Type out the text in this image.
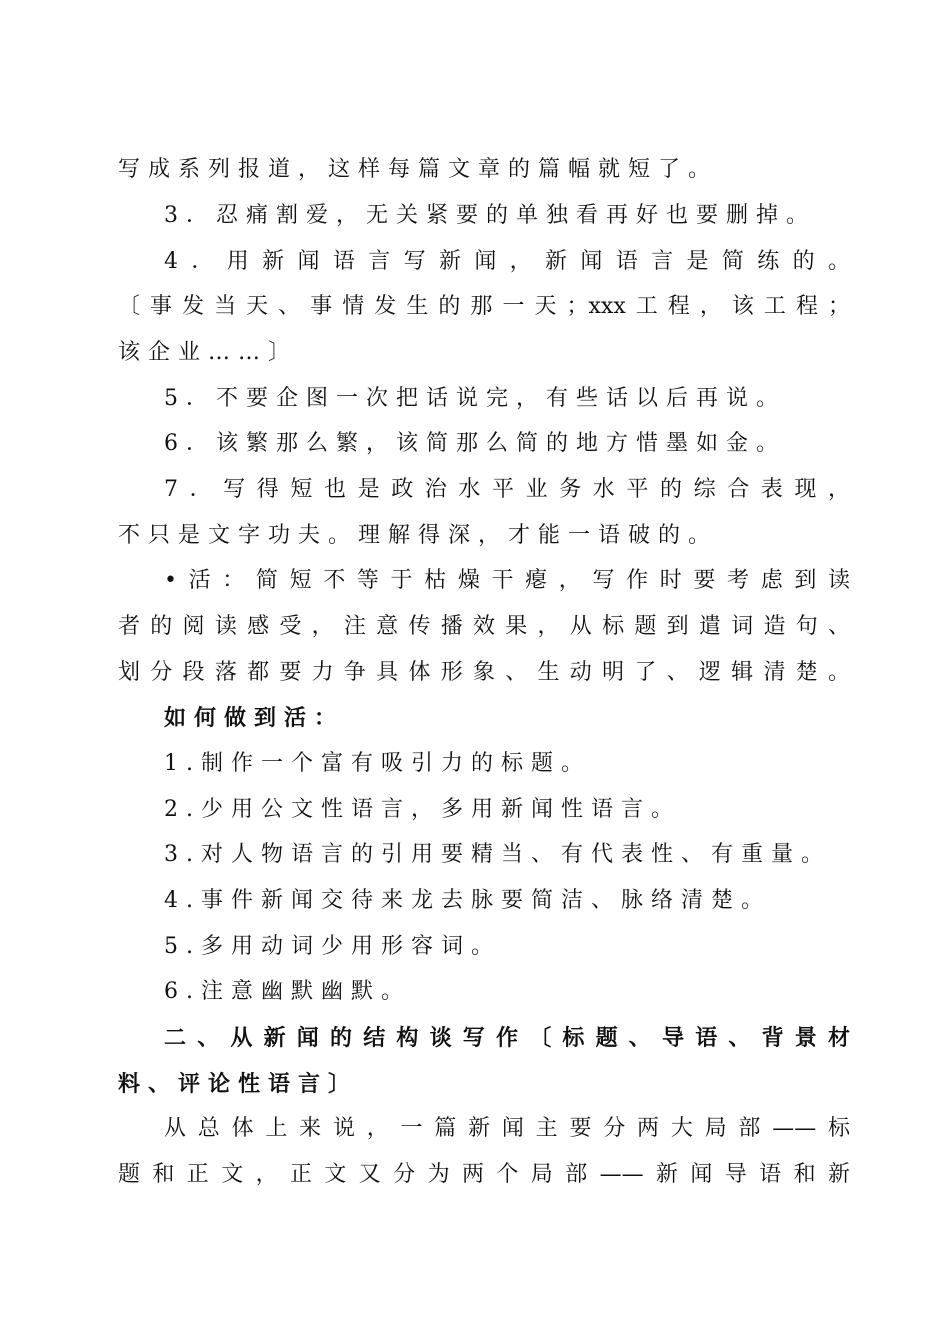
写成系列报道，这样每篇文章的篇幅就短了。
3．忍痛割爱，无关紧要的单独看再好也要删掉。
4．用新闻语言写新闻，新闻语言是简练的。
〔事发当天、事情发生的那一天；xxx工程，该工程；
该企业……〕
5．不要企图一次把话说完，有些话以后再说。
6．该繁那么繁，该简那么简的地方惜墨如金。
7．写得短也是政治水平业务水平的综合表现，
不只是文字功夫。理解得深，才能一语破的。
•活：简短不等于枯燥干瘪，写作时要考虑到读
者的阅读感受，注意传播效果，从标题到遣词造句、
划分段落都要力争具体形象、生动明了、逻辑清楚。
如何做到活：
1.制作一个富有吸引力的标题。
2.少用公文性语言，多用新闻性语言。
3.对人物语言的引用要精当、有代表性、有重量。
4.事件新闻交待来龙去脉要简洁、脉络清楚。
5.多用动词少用形容词。
6.注意幽默幽默。
二、从新闻的结构谈写作〔标题、导语、背景材
料、评论性语言〕
从总体上来说，一篇新闻主要分两大局部——标
题和正文，正文又分为两个局部——新闻导语和新
